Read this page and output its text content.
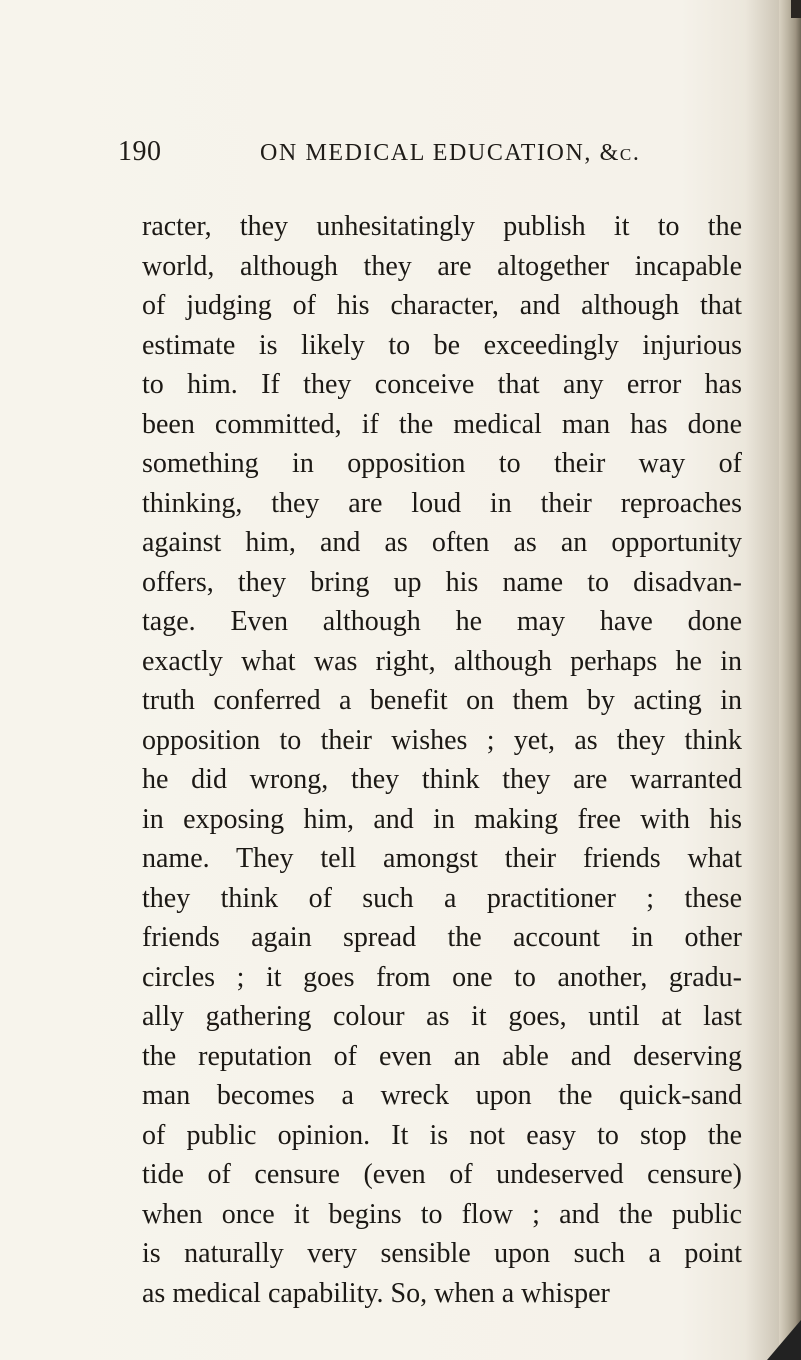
190	ON MEDICAL EDUCATION, &c.
racter, they unhesitatingly publish it to the
world, although they are altogether incapable
of judging of his character, and although that
estimate is likely to be exceedingly injurious
to him. If they conceive that any error has
been committed, if the medical man has done
something in opposition to their way of
thinking, they are loud in their reproaches
against him, and as often as an opportunity
offers, they bring up his name to disadvan-
tage. Even although he may have done
exactly what was right, although perhaps he in
truth conferred a benefit on them by acting in
opposition to their wishes ; yet, as they think
he did wrong, they think they are warranted
in exposing him, and in making free with his
name. They tell amongst their friends what
they think of such a practitioner ; these
friends again spread the account in other
circles ; it goes from one to another, gradu-
ally gathering colour as it goes, until at last
the reputation of even an able and deserving
man becomes a wreck upon the quick-sand
of public opinion. It is not easy to stop the
tide of censure (even of undeserved censure)
when once it begins to flow ; and the public
is naturally very sensible upon such a point
as medical capability. So, when a whisper
